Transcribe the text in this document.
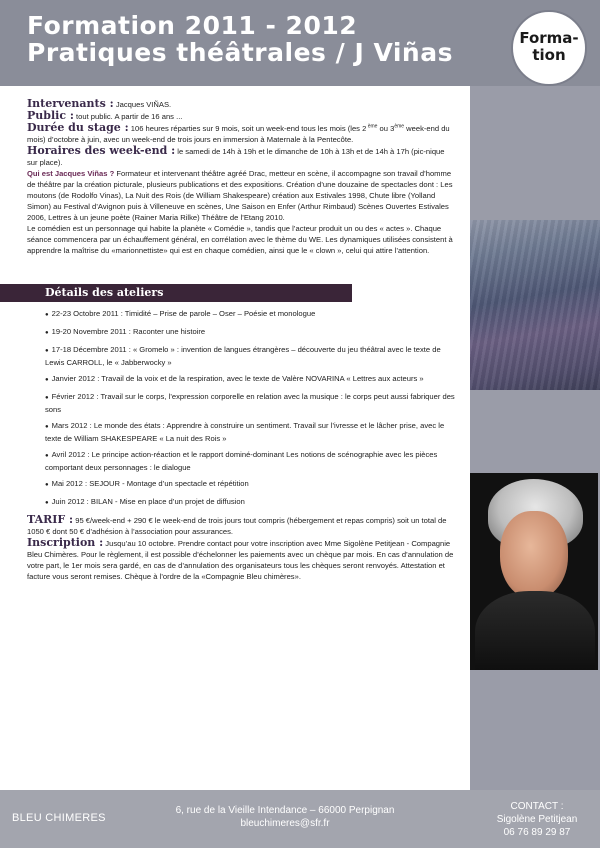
Formation 2011 - 2012
Pratiques théâtrales / J Viñas	Forma-
tion

Intervenants : Jacques VIÑAS.

Public : tout public. A partir de 16 ans ...

Durée du stage : 106 heures réparties sur 9 mois, soit un week-end tous les mois (les 2 $^{ème}$ ou 3ème week-end du mois) d’octobre à juin, avec un week-end de trois jours en immersion à Maternale à la Pentecôte.

Horaires des week-end : le samedi de 14h à 19h et le dimanche de 10h à 13h et de 14h à 17h (pic-nique sur place).

Qui est Jacques Viñas ? Formateur et intervenant théâtre agréé Drac, metteur en scène, il accompagne son travail d’homme de théâtre par la création picturale, plusieurs publications et des expositions. Création d’une douzaine de spectacles dont : Les moutons (de Rodolfo Vinas), La Nuit des Rois (de William Shakespeare) création aux Estivales 1998, Chute libre (Yolland Simon) au Festival d’Avignon puis à Villeneuve en scènes, Une Saison en Enfer (Arthur Rimbaud) Scènes Ouvertes Estivales 2006, Lettres à un jeune poète (Rainer Maria Rilke) Théâtre de l’Etang 2010.

Le comédien est un personnage qui habite la planète « Comédie », tandis que l’acteur produit un ou des « actes ». Chaque séance commencera par un échauffement général, en corrélation avec le thème du WE. Les dynamiques utilisées consistent à apprendre la maîtrise du «marionnettiste» qui est en chaque comédien, ainsi que le « clown », celui qui attire l’attention.

Détails des ateliers
● 22-23 Octobre 2011 : Timidité – Prise de parole – Oser – Poésie et monologue
● 19-20 Novembre 2011 : Raconter une histoire
● 17-18 Décembre 2011 : « Gromelo » : invention de langues étrangères – découverte du jeu théâtral avec le texte de Lewis CARROLL, le « Jabberwocky »
● Janvier 2012 : Travail de la voix et de la respiration, avec le texte de Valère NOVARINA « Lettres aux acteurs »
● Février 2012 : Travail sur le corps, l’expression corporelle en relation avec la musique : le corps peut aussi fabriquer des sons
● Mars 2012 : Le monde des états : Apprendre à construire un sentiment. Travail sur l’ivresse et le lâcher prise, avec le texte de William SHAKESPEARE « La nuit des Rois »
● Avril 2012 : Le principe action-réaction et le rapport dominé-dominant Les notions de scénographie avec les pièces comportant deux personnages : le dialogue
● Mai 2012 : SEJOUR - Montage d’un spectacle et répétition
● Juin 2012 : BILAN - Mise en place d’un projet de diffusion

TARIF : 95 €/week-end + 290 € le week-end de trois jours tout compris (hébergement et repas compris) soit un total de 1050 € dont 50 € d’adhésion à l’association pour assurances.

Inscription : Jusqu’au 10 octobre. Prendre contact pour votre inscription avec Mme Sigolène Petitjean - Compagnie Bleu Chimères. Pour le règlement, il est possible d’échelonner les paiements avec un chèque par mois. En cas d’annulation de votre part, le 1er mois sera gardé, en cas de d’annulation des organisateurs tous les chèques seront renvoyés. Attestation et facture vous seront remises. Chèque à l’ordre de la «Compagnie Bleu chimères».

BLEU CHIMERES
6, rue de la Vieille Intendance – 66000 Perpignan
bleuchimeres@sfr.fr
CONTACT :
Sigolène Petitjean
06 76 89 29 87
